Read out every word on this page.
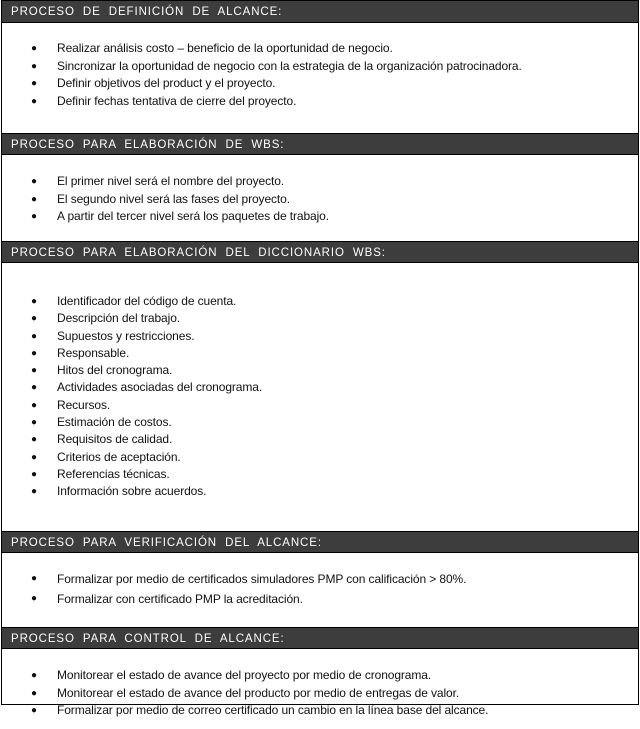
PROCESO DE DEFINICIÓN DE ALCANCE:
● Realizar análisis costo – beneficio de la oportunidad de negocio.
● Sincronizar la oportunidad de negocio con la estrategia de la organización patrocinadora.
● Definir objetivos del product y el proyecto.
● Definir fechas tentativa de cierre del proyecto.
PROCESO PARA ELABORACIÓN DE WBS:
● El primer nivel será el nombre del proyecto.
● El segundo nivel será las fases del proyecto.
● A partir del tercer nivel será los paquetes de trabajo.
PROCESO PARA ELABORACIÓN DEL DICCIONARIO WBS:
● Identificador del código de cuenta.
● Descripción del trabajo.
● Supuestos y restricciones.
● Responsable.
● Hitos del cronograma.
● Actividades asociadas del cronograma.
● Recursos.
● Estimación de costos.
● Requisitos de calidad.
● Criterios de aceptación.
● Referencias técnicas.
● Información sobre acuerdos.
PROCESO PARA VERIFICACIÓN DEL ALCANCE:
● Formalizar por medio de certificados simuladores PMP con calificación > 80%.
● Formalizar con certificado PMP la acreditación.
PROCESO PARA CONTROL DE ALCANCE:
● Monitorear el estado de avance del proyecto por medio de cronograma.
● Monitorear el estado de avance del producto por medio de entregas de valor.
● Formalizar por medio de correo certificado un cambio en la línea base del alcance.
